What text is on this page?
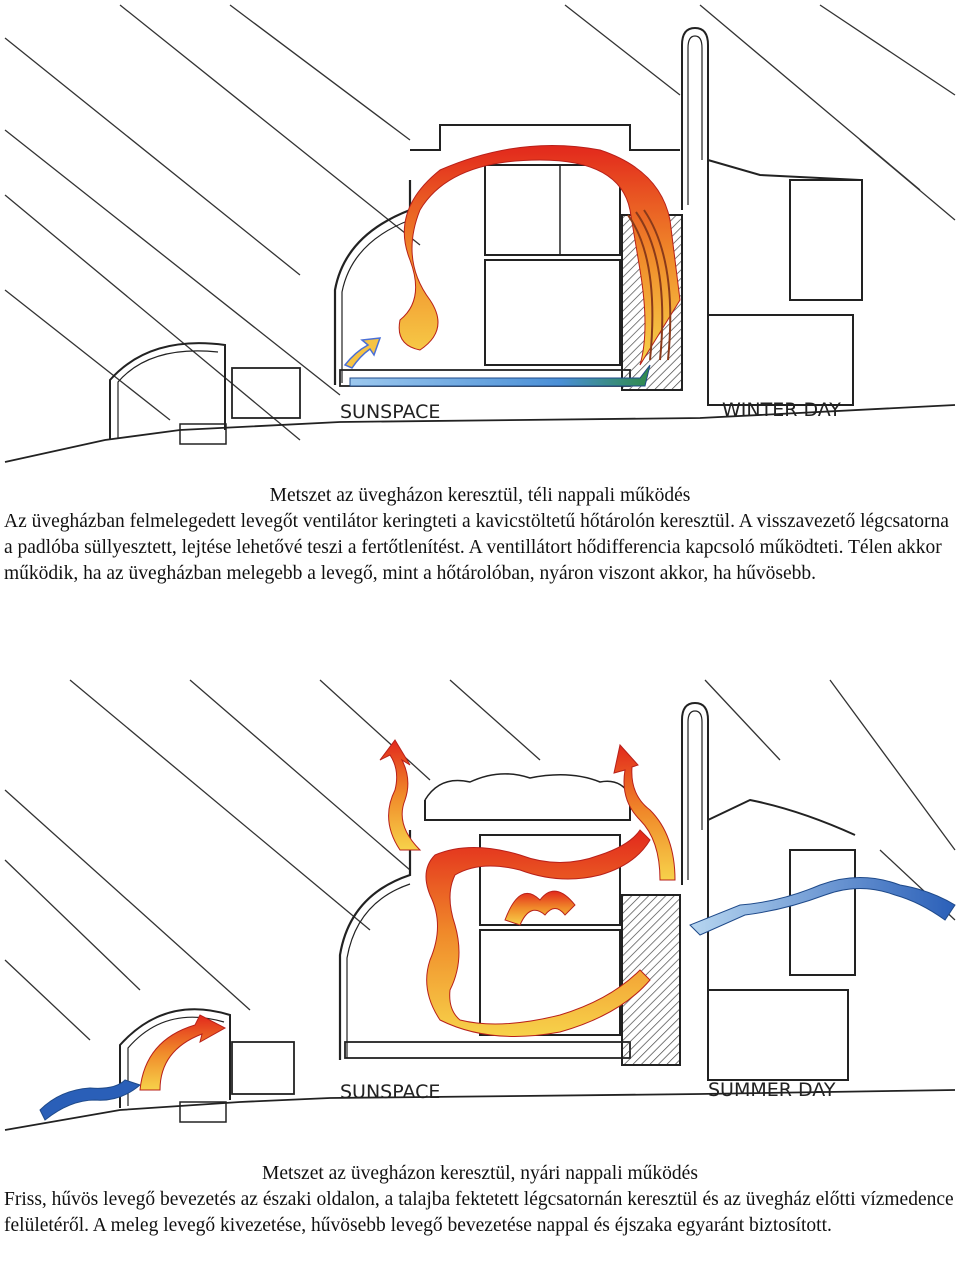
SUNSPACE	WINTER DAY
Metszet az üvegházon keresztül, téli nappali működés

Az üvegházban felmelegedett levegőt ventilátor keringteti a kavicstöltetű hőtárolón keresztül. A visszavezető légcsatorna a padlóba süllyesztett, lejtése lehetővé teszi a fertőtlenítést. A ventillátort hődifferencia kapcsoló működteti. Télen akkor működik, ha az üvegházban melegebb a levegő, mint a hőtárolóban, nyáron viszont akkor, ha hűvösebb.

SUNSPACE	SUMMER DAY
Metszet az üvegházon keresztül, nyári nappali működés

Friss, hűvös levegő bevezetés az északi oldalon, a talajba fektetett légcsatornán keresztül és az üvegház előtti vízmedence felületéről. A meleg levegő kivezetése, hűvösebb levegő bevezetése nappal és éjszaka egyaránt biztosított.
